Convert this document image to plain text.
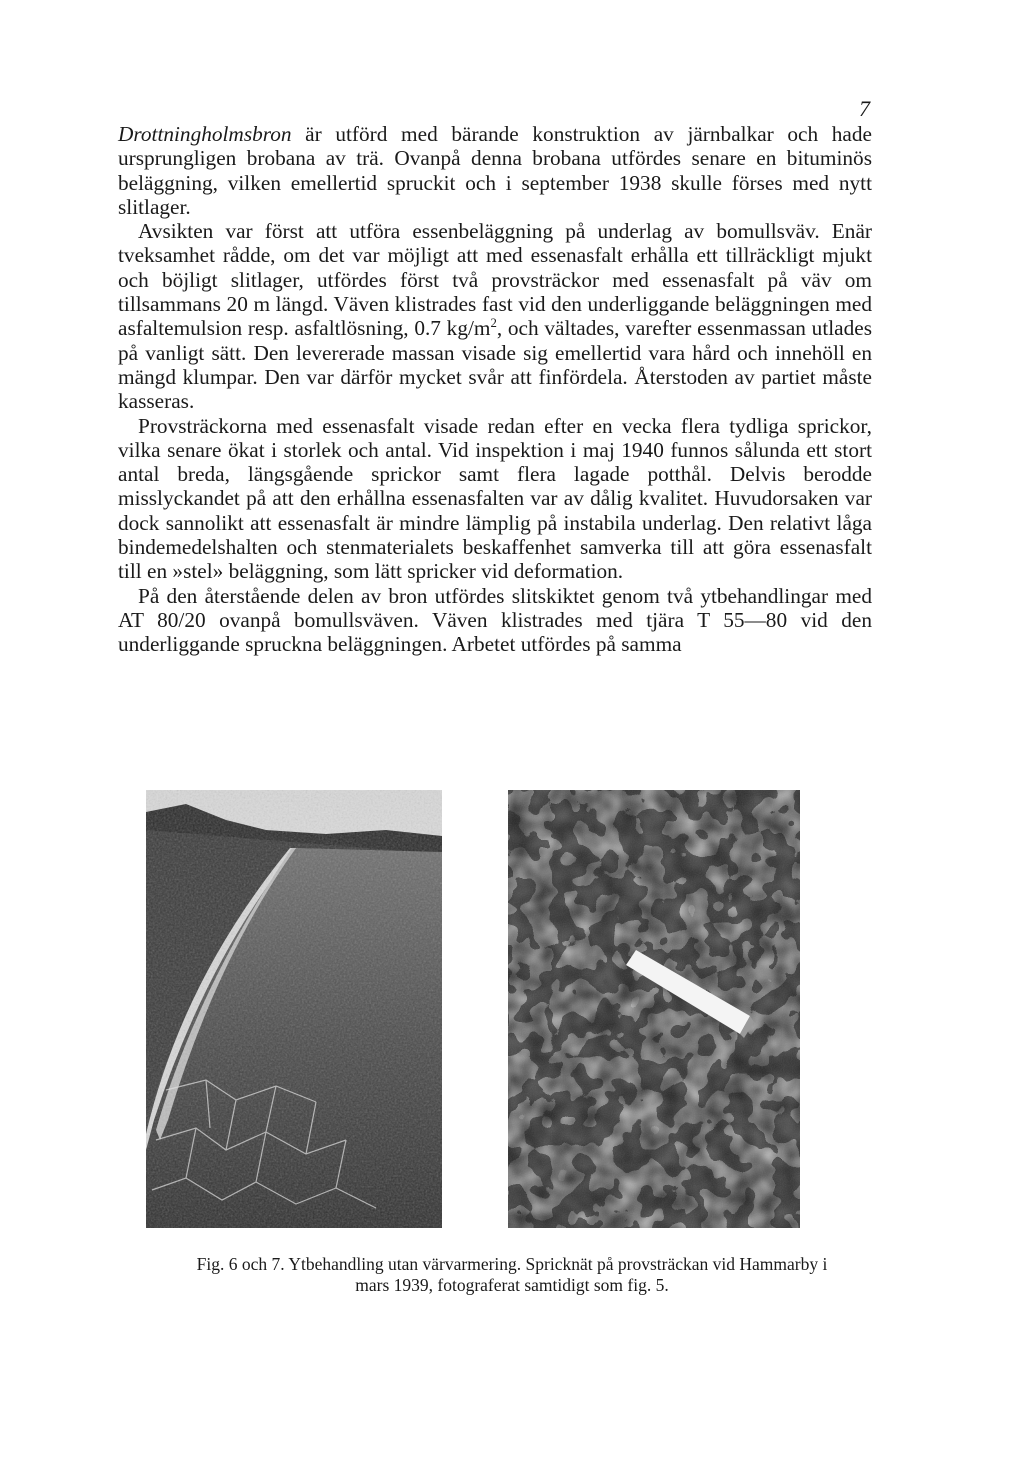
7

Drottningholmsbron är utförd med bärande konstruktion av järnbalkar och hade ursprungligen brobana av trä. Ovanpå denna brobana utfördes senare en bituminös beläggning, vilken emellertid spruckit och i september 1938 skulle förses med nytt slitlager.

Avsikten var först att utföra essenbeläggning på underlag av bomullsväv. Enär tveksamhet rådde, om det var möjligt att med essenasfalt erhålla ett tillräckligt mjukt och böjligt slitlager, utfördes först två provsträckor med essenasfalt på väv om tillsammans 20 m längd. Väven klistrades fast vid den underliggande beläggningen med asfaltemulsion resp. asfaltlösning, 0.7 $kg/m^2$, och vältades, varefter essenmassan utlades på vanligt sätt. Den levererade massan visade sig emellertid vara hård och innehöll en mängd klumpar. Den var därför mycket svår att finfördela. Återstoden av partiet måste kasseras.

Provsträckorna med essenasfalt visade redan efter en vecka flera tydliga sprickor, vilka senare ökat i storlek och antal. Vid inspektion i maj 1940 funnos sålunda ett stort antal breda, längsgående sprickor samt flera lagade potthål. Delvis berodde misslyckandet på att den erhållna essenasfalten var av dålig kvalitet. Huvudorsaken var dock sannolikt att essenasfalt är mindre lämplig på instabila underlag. Den relativt låga bindemedelshalten och stenmaterialets beskaffenhet samverka till att göra essenasfalt till en »stel» beläggning, som lätt spricker vid deformation.

På den återstående delen av bron utfördes slitskiktet genom två ytbehandlingar med AT 80/20 ovanpå bomullsväven. Väven klistrades med tjära T 55—80 vid den underliggande spruckna beläggningen. Arbetet utfördes på samma

Fig. 6 och 7. Ytbehandling utan värvarmering. Spricknät på provsträckan vid Hammarby i mars 1939, fotograferat samtidigt som fig. 5.
